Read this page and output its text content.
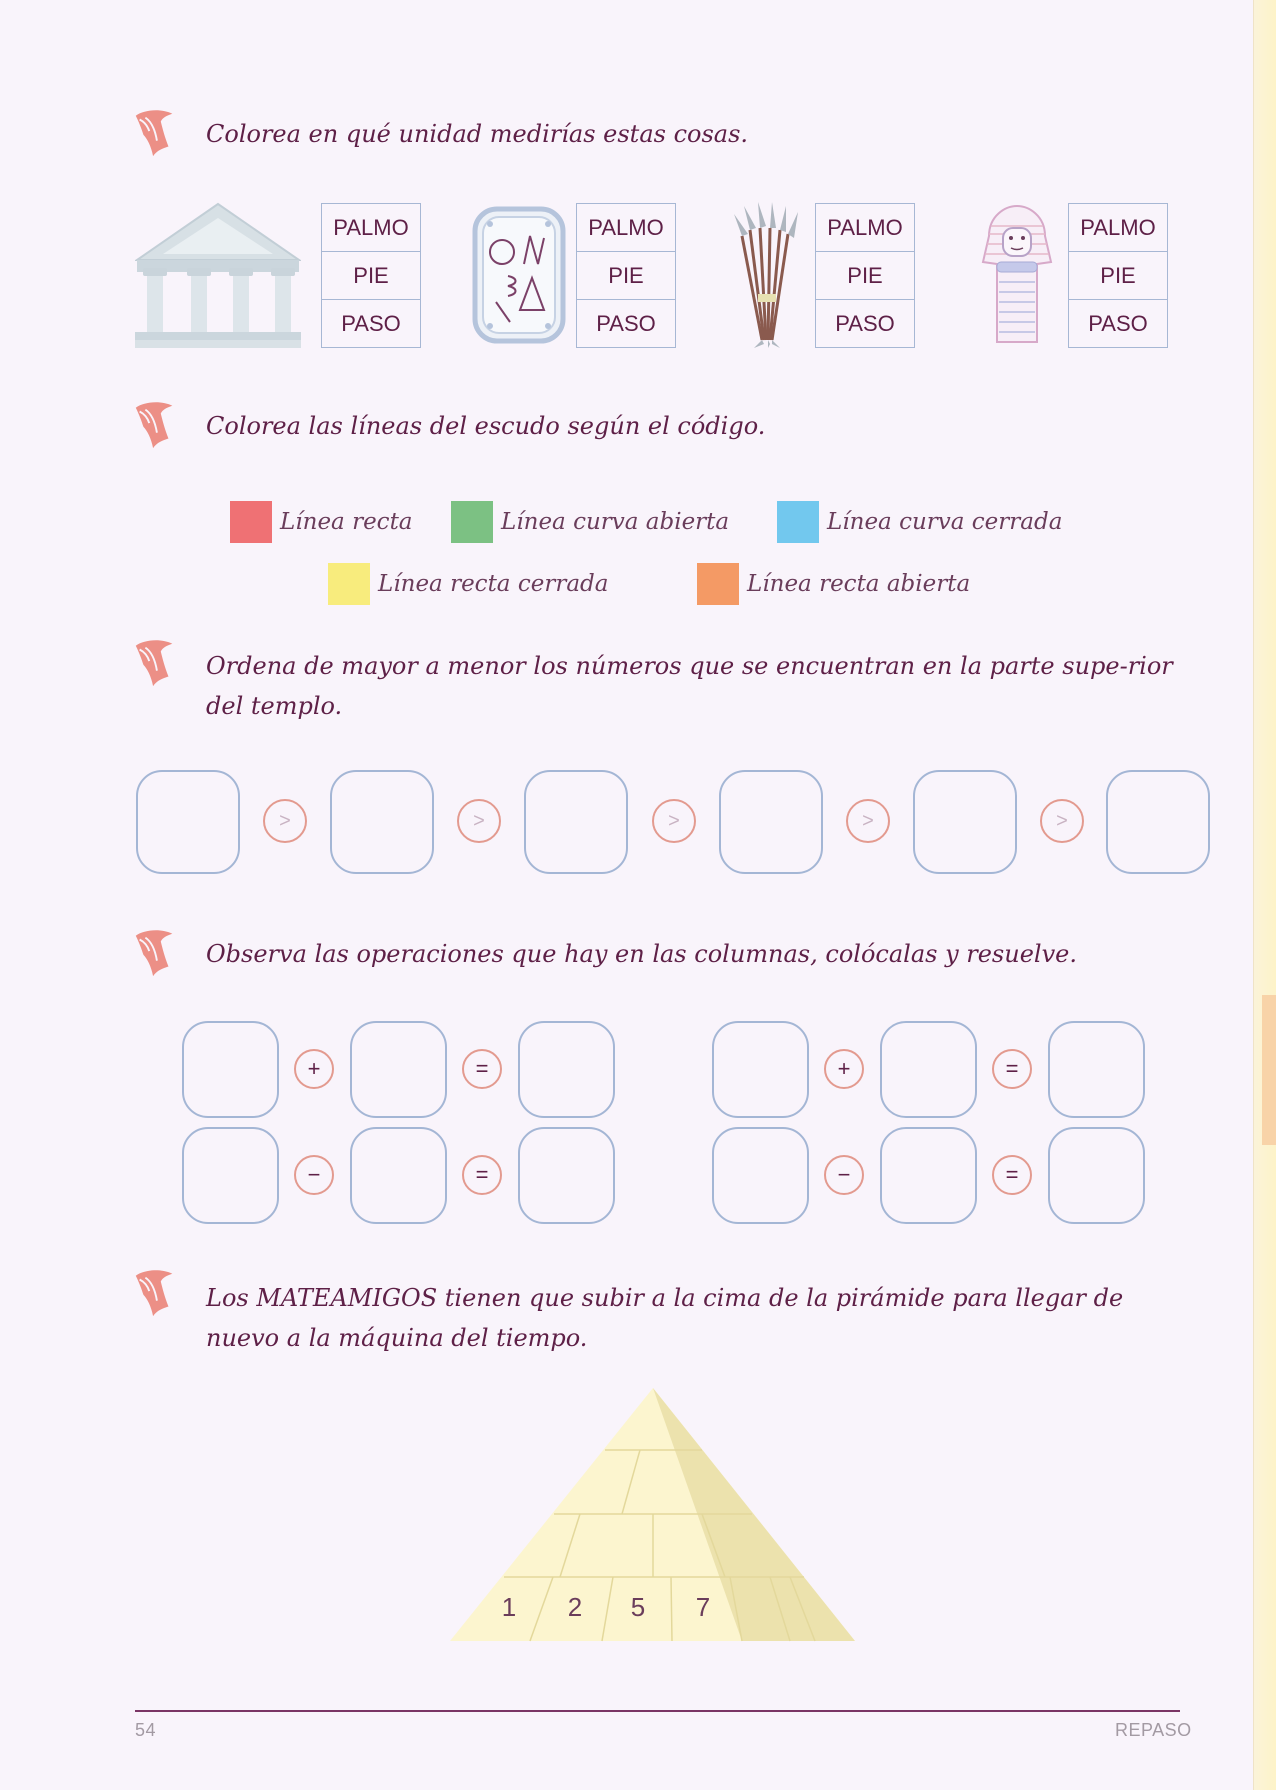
Colorea en qué unidad medirías estas cosas.
PALMO
PIE
PASO
PALMO
PIE
PASO
PALMO
PIE
PASO
PALMO
PIE
PASO
Colorea las líneas del escudo según el código.
Línea recta	Línea curva abierta	Línea curva cerrada
Línea recta cerrada	Línea recta abierta
Ordena de mayor a menor los números que se encuentran en la parte supe-rior del templo.
>	>	>	>	>
Observa las operaciones que hay en las columnas, colócalas y resuelve.
+	=
−	=
+	=
−	=
Los MATEAMIGOS tienen que subir a la cima de la pirámide para llegar de nuevo a la máquina del tiempo.
1 2 5 7
54	REPASO
